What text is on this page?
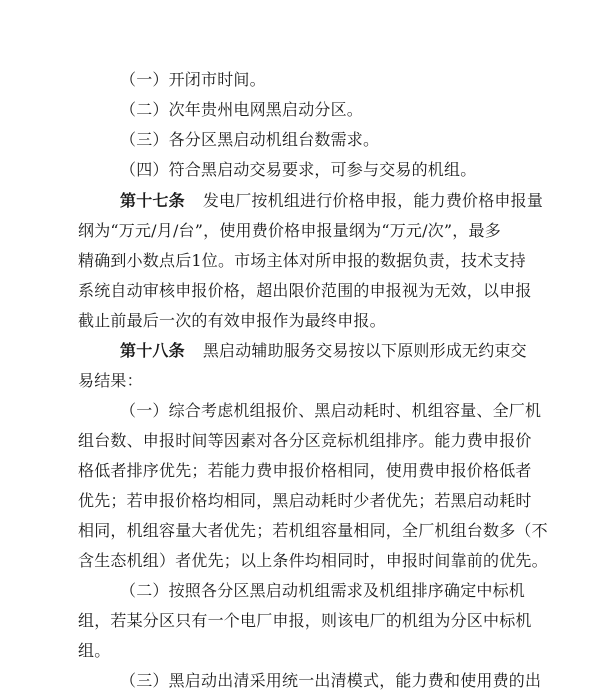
（一）开闭市时间。
（二）次年贵州电网黑启动分区。
（三）各分区黑启动机组台数需求。
（四）符合黑启动交易要求，可参与交易的机组。
第十七条 发电厂按机组进行价格申报，能力费价格申报量
纲为“万元/月/台”，使用费价格申报量纲为“万元/次”，最多
精确到小数点后1位。市场主体对所申报的数据负责，技术支持
系统自动审核申报价格，超出限价范围的申报视为无效，以申报
截止前最后一次的有效申报作为最终申报。
第十八条 黑启动辅助服务交易按以下原则形成无约束交
易结果：
（一）综合考虑机组报价、黑启动耗时、机组容量、全厂机
组台数、申报时间等因素对各分区竞标机组排序。能力费申报价
格低者排序优先；若能力费申报价格相同，使用费申报价格低者
优先；若申报价格均相同，黑启动耗时少者优先；若黑启动耗时
相同，机组容量大者优先；若机组容量相同，全厂机组台数多（不
含生态机组）者优先；以上条件均相同时，申报时间靠前的优先。
（二）按照各分区黑启动机组需求及机组排序确定中标机
组，若某分区只有一个电厂申报，则该电厂的机组为分区中标机
组。
（三）黑启动出清采用统一出清模式，能力费和使用费的出
